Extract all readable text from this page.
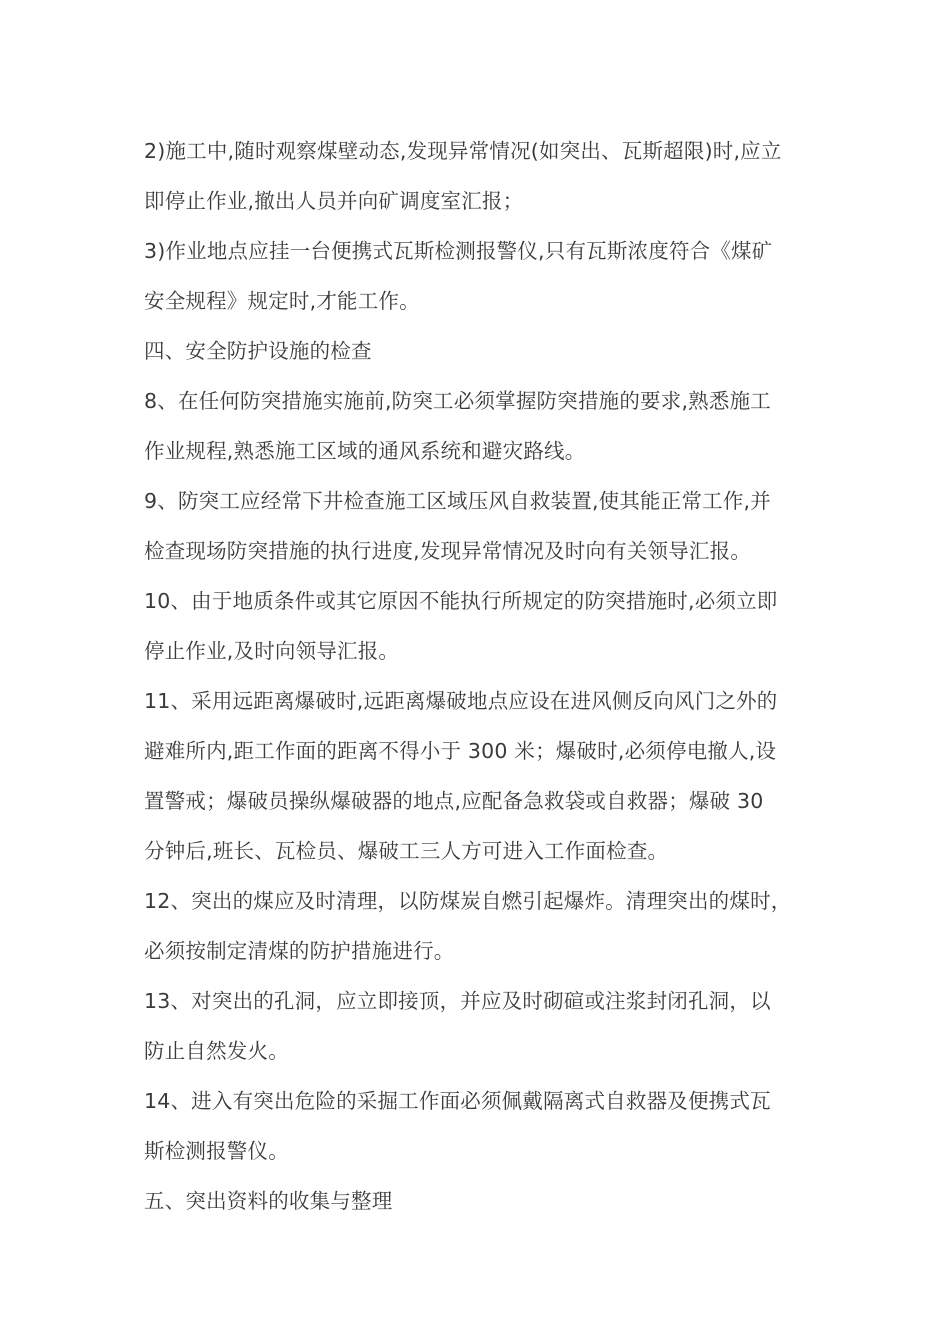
2)施工中,随时观察煤壁动态,发现异常情况(如突出、瓦斯超限)时,应立
即停止作业,撤出人员并向矿调度室汇报；
3)作业地点应挂一台便携式瓦斯检测报警仪,只有瓦斯浓度符合《煤矿
安全规程》规定时,才能工作。
四、安全防护设施的检查
8、在任何防突措施实施前,防突工必须掌握防突措施的要求,熟悉施工
作业规程,熟悉施工区域的通风系统和避灾路线。
9、防突工应经常下井检查施工区域压风自救装置,使其能正常工作,并
检查现场防突措施的执行进度,发现异常情况及时向有关领导汇报。
10、由于地质条件或其它原因不能执行所规定的防突措施时,必须立即
停止作业,及时向领导汇报。
11、采用远距离爆破时,远距离爆破地点应设在进风侧反向风门之外的
避难所内,距工作面的距离不得小于 300 米；爆破时,必须停电撤人,设
置警戒；爆破员操纵爆破器的地点,应配备急救袋或自救器；爆破 30
分钟后,班长、瓦检员、爆破工三人方可进入工作面检查。
12、突出的煤应及时清理，以防煤炭自燃引起爆炸。清理突出的煤时，
必须按制定清煤的防护措施进行。
13、对突出的孔洞，应立即接顶，并应及时砌碹或注浆封闭孔洞，以
防止自然发火。
14、进入有突出危险的采掘工作面必须佩戴隔离式自救器及便携式瓦
斯检测报警仪。
五、突出资料的收集与整理
